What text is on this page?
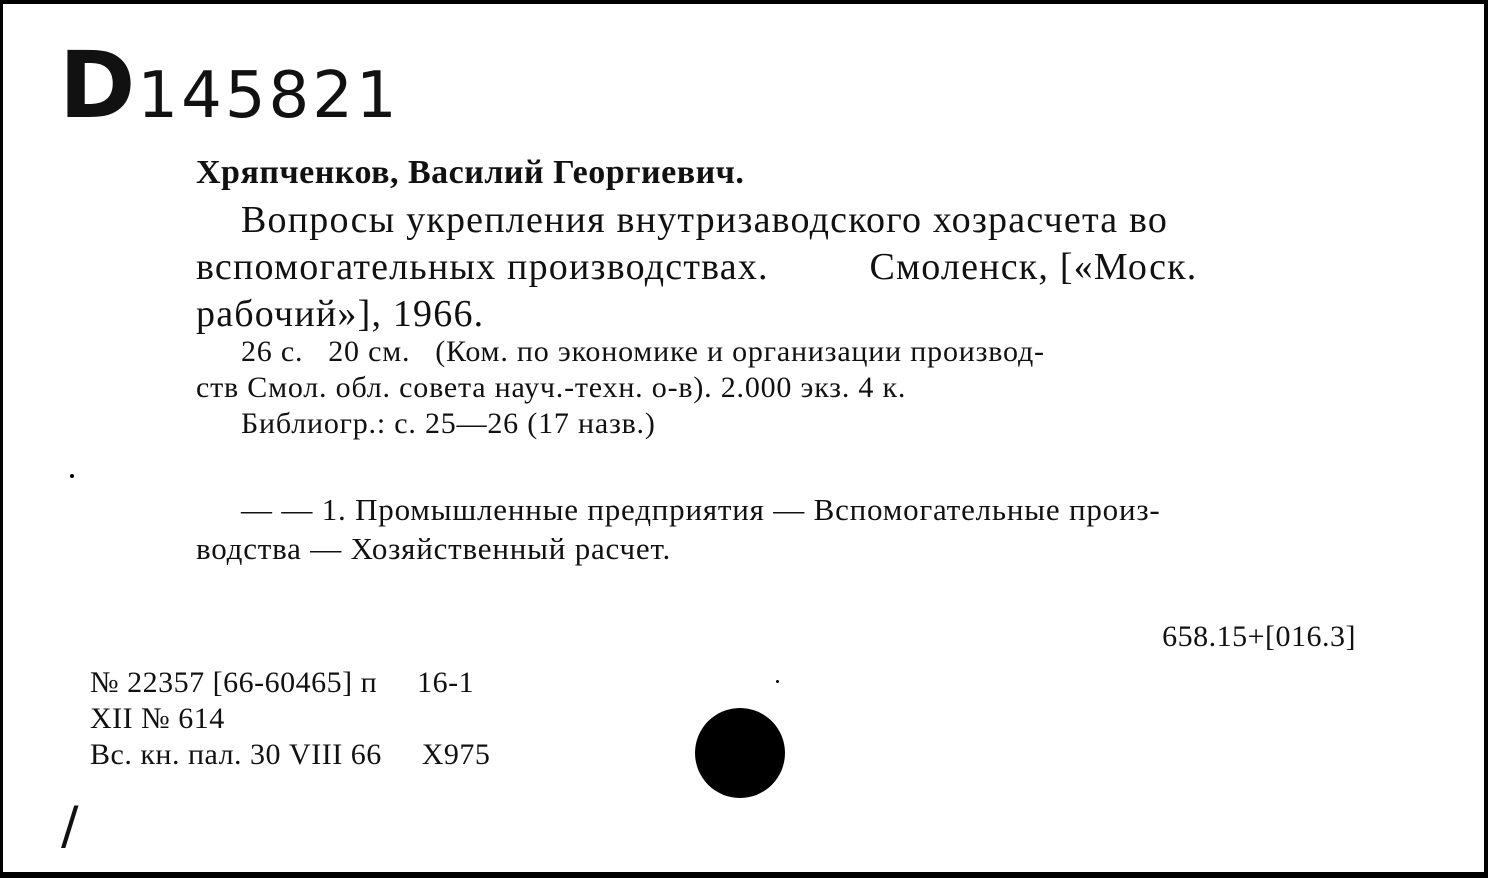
D145821
Хряпченков, Василий Георгиевич.
Вопросы укрепления внутризаводского хозрасчета во
вспомогательных производствах.	Смоленск, [«Моск.
рабочий»], 1966.
26 с.   20 см.   (Ком. по экономике и организации производ-
ств Смол. обл. совета науч.-техн. о-в). 2.000 экз. 4 к.
Библиогр.: с. 25—26 (17 назв.)
— — 1. Промышленные предприятия — Вспомогательные произ-
водства — Хозяйственный расчет.
658.15+[016.3]
№ 22357 [66-60465] п 16-1
XII № 614
Вс. кн. пал. 30 VIII 66 X975
/
